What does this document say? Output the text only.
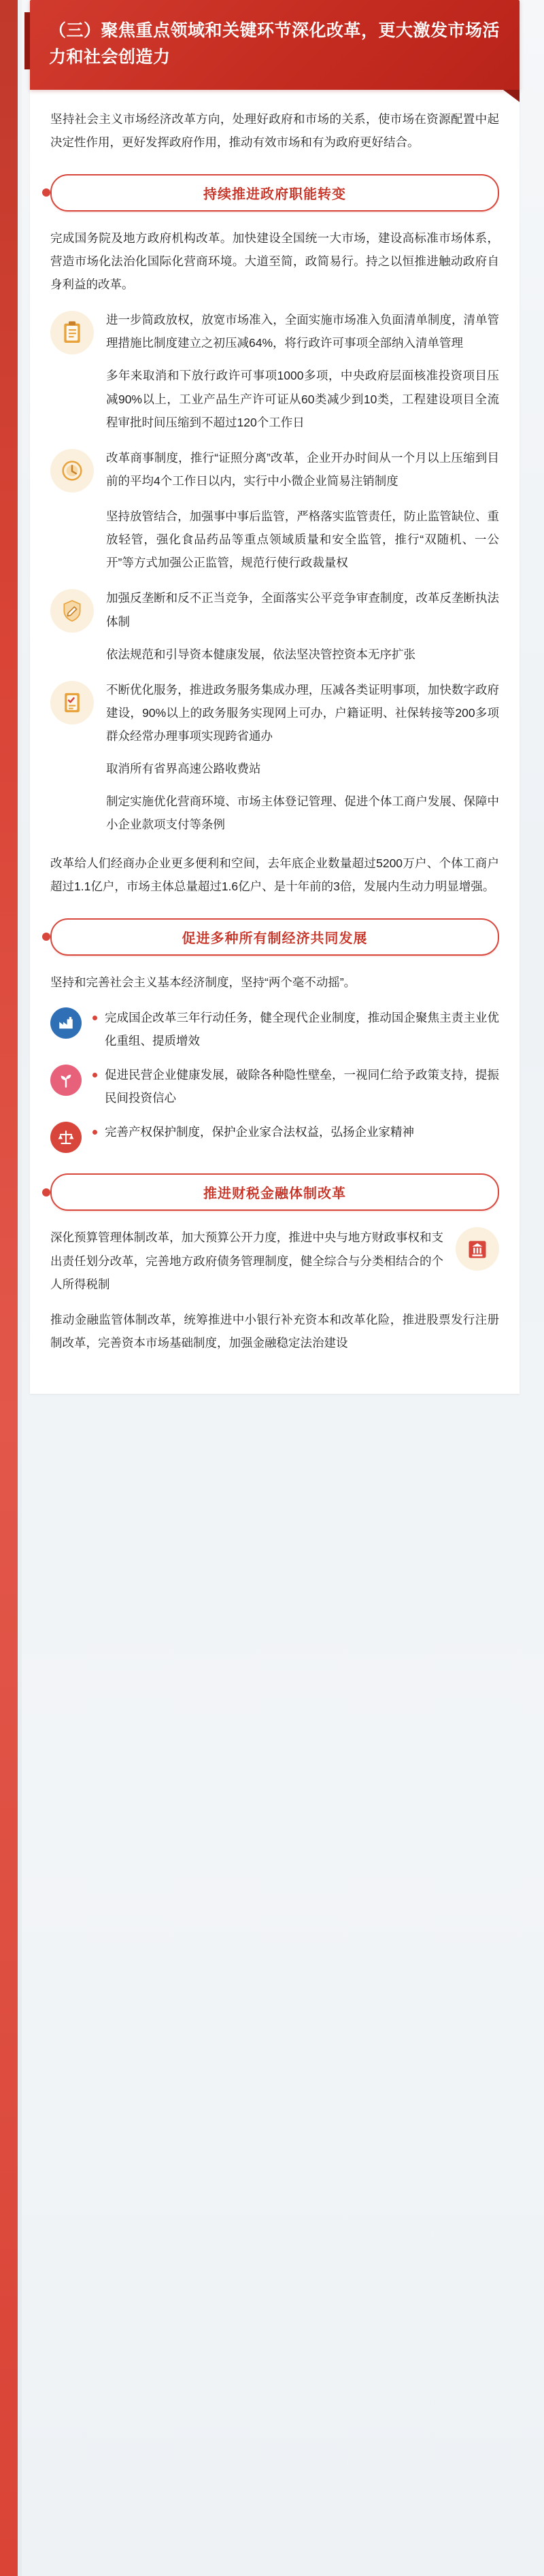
（三）聚焦重点领域和关键环节深化改革，更大激发市场活力和社会创造力

坚持社会主义市场经济改革方向，处理好政府和市场的关系，使市场在资源配置中起决定性作用，更好发挥政府作用，推动有效市场和有为政府更好结合。

持续推进政府职能转变

完成国务院及地方政府机构改革。加快建设全国统一大市场，建设高标准市场体系，营造市场化法治化国际化营商环境。大道至简，政简易行。持之以恒推进触动政府自身利益的改革。

进一步简政放权，放宽市场准入，全面实施市场准入负面清单制度，清单管理措施比制度建立之初压减64%，将行政许可事项全部纳入清单管理

多年来取消和下放行政许可事项1000多项，中央政府层面核准投资项目压减90%以上，工业产品生产许可证从60类减少到10类，工程建设项目全流程审批时间压缩到不超过120个工作日

改革商事制度，推行“证照分离”改革，企业开办时间从一个月以上压缩到目前的平均4个工作日以内，实行中小微企业简易注销制度

坚持放管结合，加强事中事后监管，严格落实监管责任，防止监管缺位、重放轻管，强化食品药品等重点领域质量和安全监管，推行“双随机、一公开”等方式加强公正监管，规范行使行政裁量权

加强反垄断和反不正当竞争，全面落实公平竞争审查制度，改革反垄断执法体制

依法规范和引导资本健康发展，依法坚决管控资本无序扩张

不断优化服务，推进政务服务集成办理，压减各类证明事项，加快数字政府建设，90%以上的政务服务实现网上可办，户籍证明、社保转接等200多项群众经常办理事项实现跨省通办

取消所有省界高速公路收费站

制定实施优化营商环境、市场主体登记管理、促进个体工商户发展、保障中小企业款项支付等条例

改革给人们经商办企业更多便利和空间，去年底企业数量超过5200万户、个体工商户超过1.1亿户，市场主体总量超过1.6亿户、是十年前的3倍，发展内生动力明显增强。

促进多种所有制经济共同发展

坚持和完善社会主义基本经济制度，坚持“两个毫不动摇”。

完成国企改革三年行动任务，健全现代企业制度，推动国企聚焦主责主业优化重组、提质增效
促进民营企业健康发展，破除各种隐性壁垒，一视同仁给予政策支持，提振民间投资信心
完善产权保护制度，保护企业家合法权益，弘扬企业家精神
推进财税金融体制改革

深化预算管理体制改革，加大预算公开力度，推进中央与地方财政事权和支出责任划分改革，完善地方政府债务管理制度，健全综合与分类相结合的个人所得税制

推动金融监管体制改革，统筹推进中小银行补充资本和改革化险，推进股票发行注册制改革，完善资本市场基础制度，加强金融稳定法治建设
